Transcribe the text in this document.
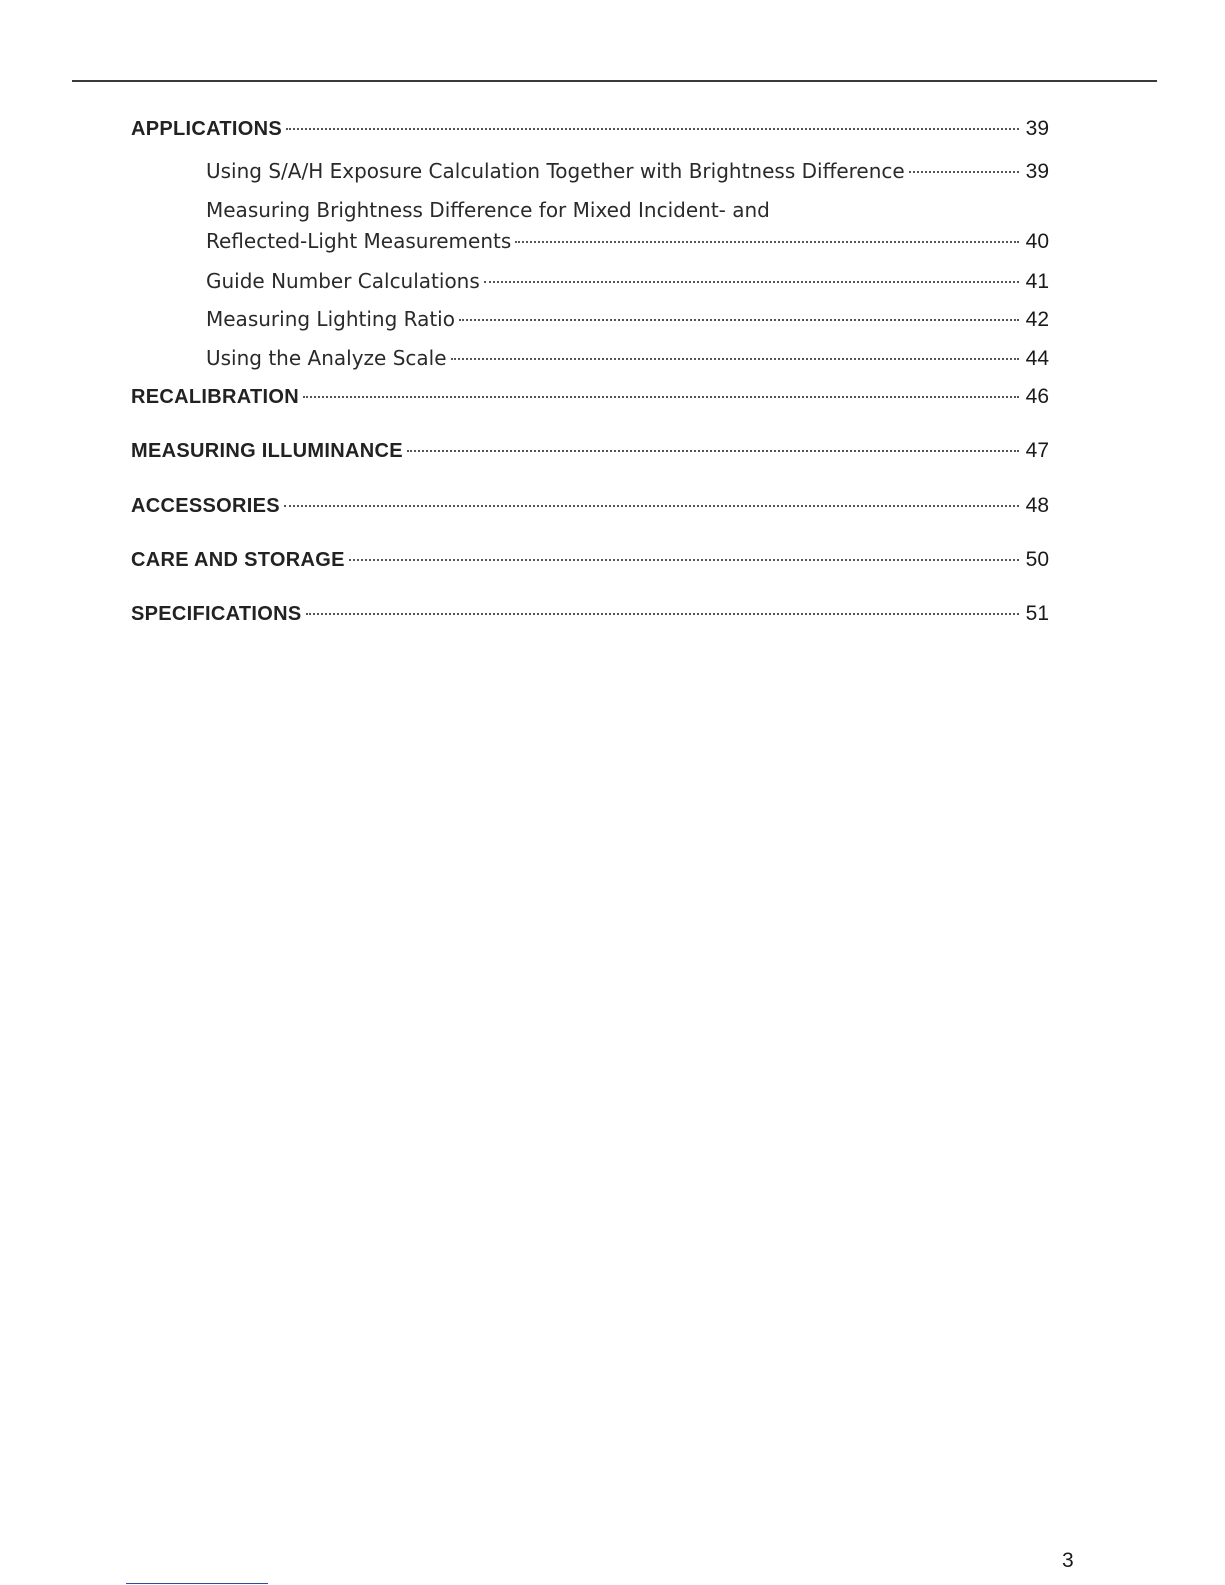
APPLICATIONS	39
Using S/A/H Exposure Calculation Together with Brightness Difference	39
Measuring Brightness Difference for Mixed Incident- and
Reflected-Light Measurements	40
Guide Number Calculations	41
Measuring Lighting Ratio	42
Using the Analyze Scale	44
RECALIBRATION	46
MEASURING ILLUMINANCE	47
ACCESSORIES	48
CARE AND STORAGE	50
SPECIFICATIONS	51
3
